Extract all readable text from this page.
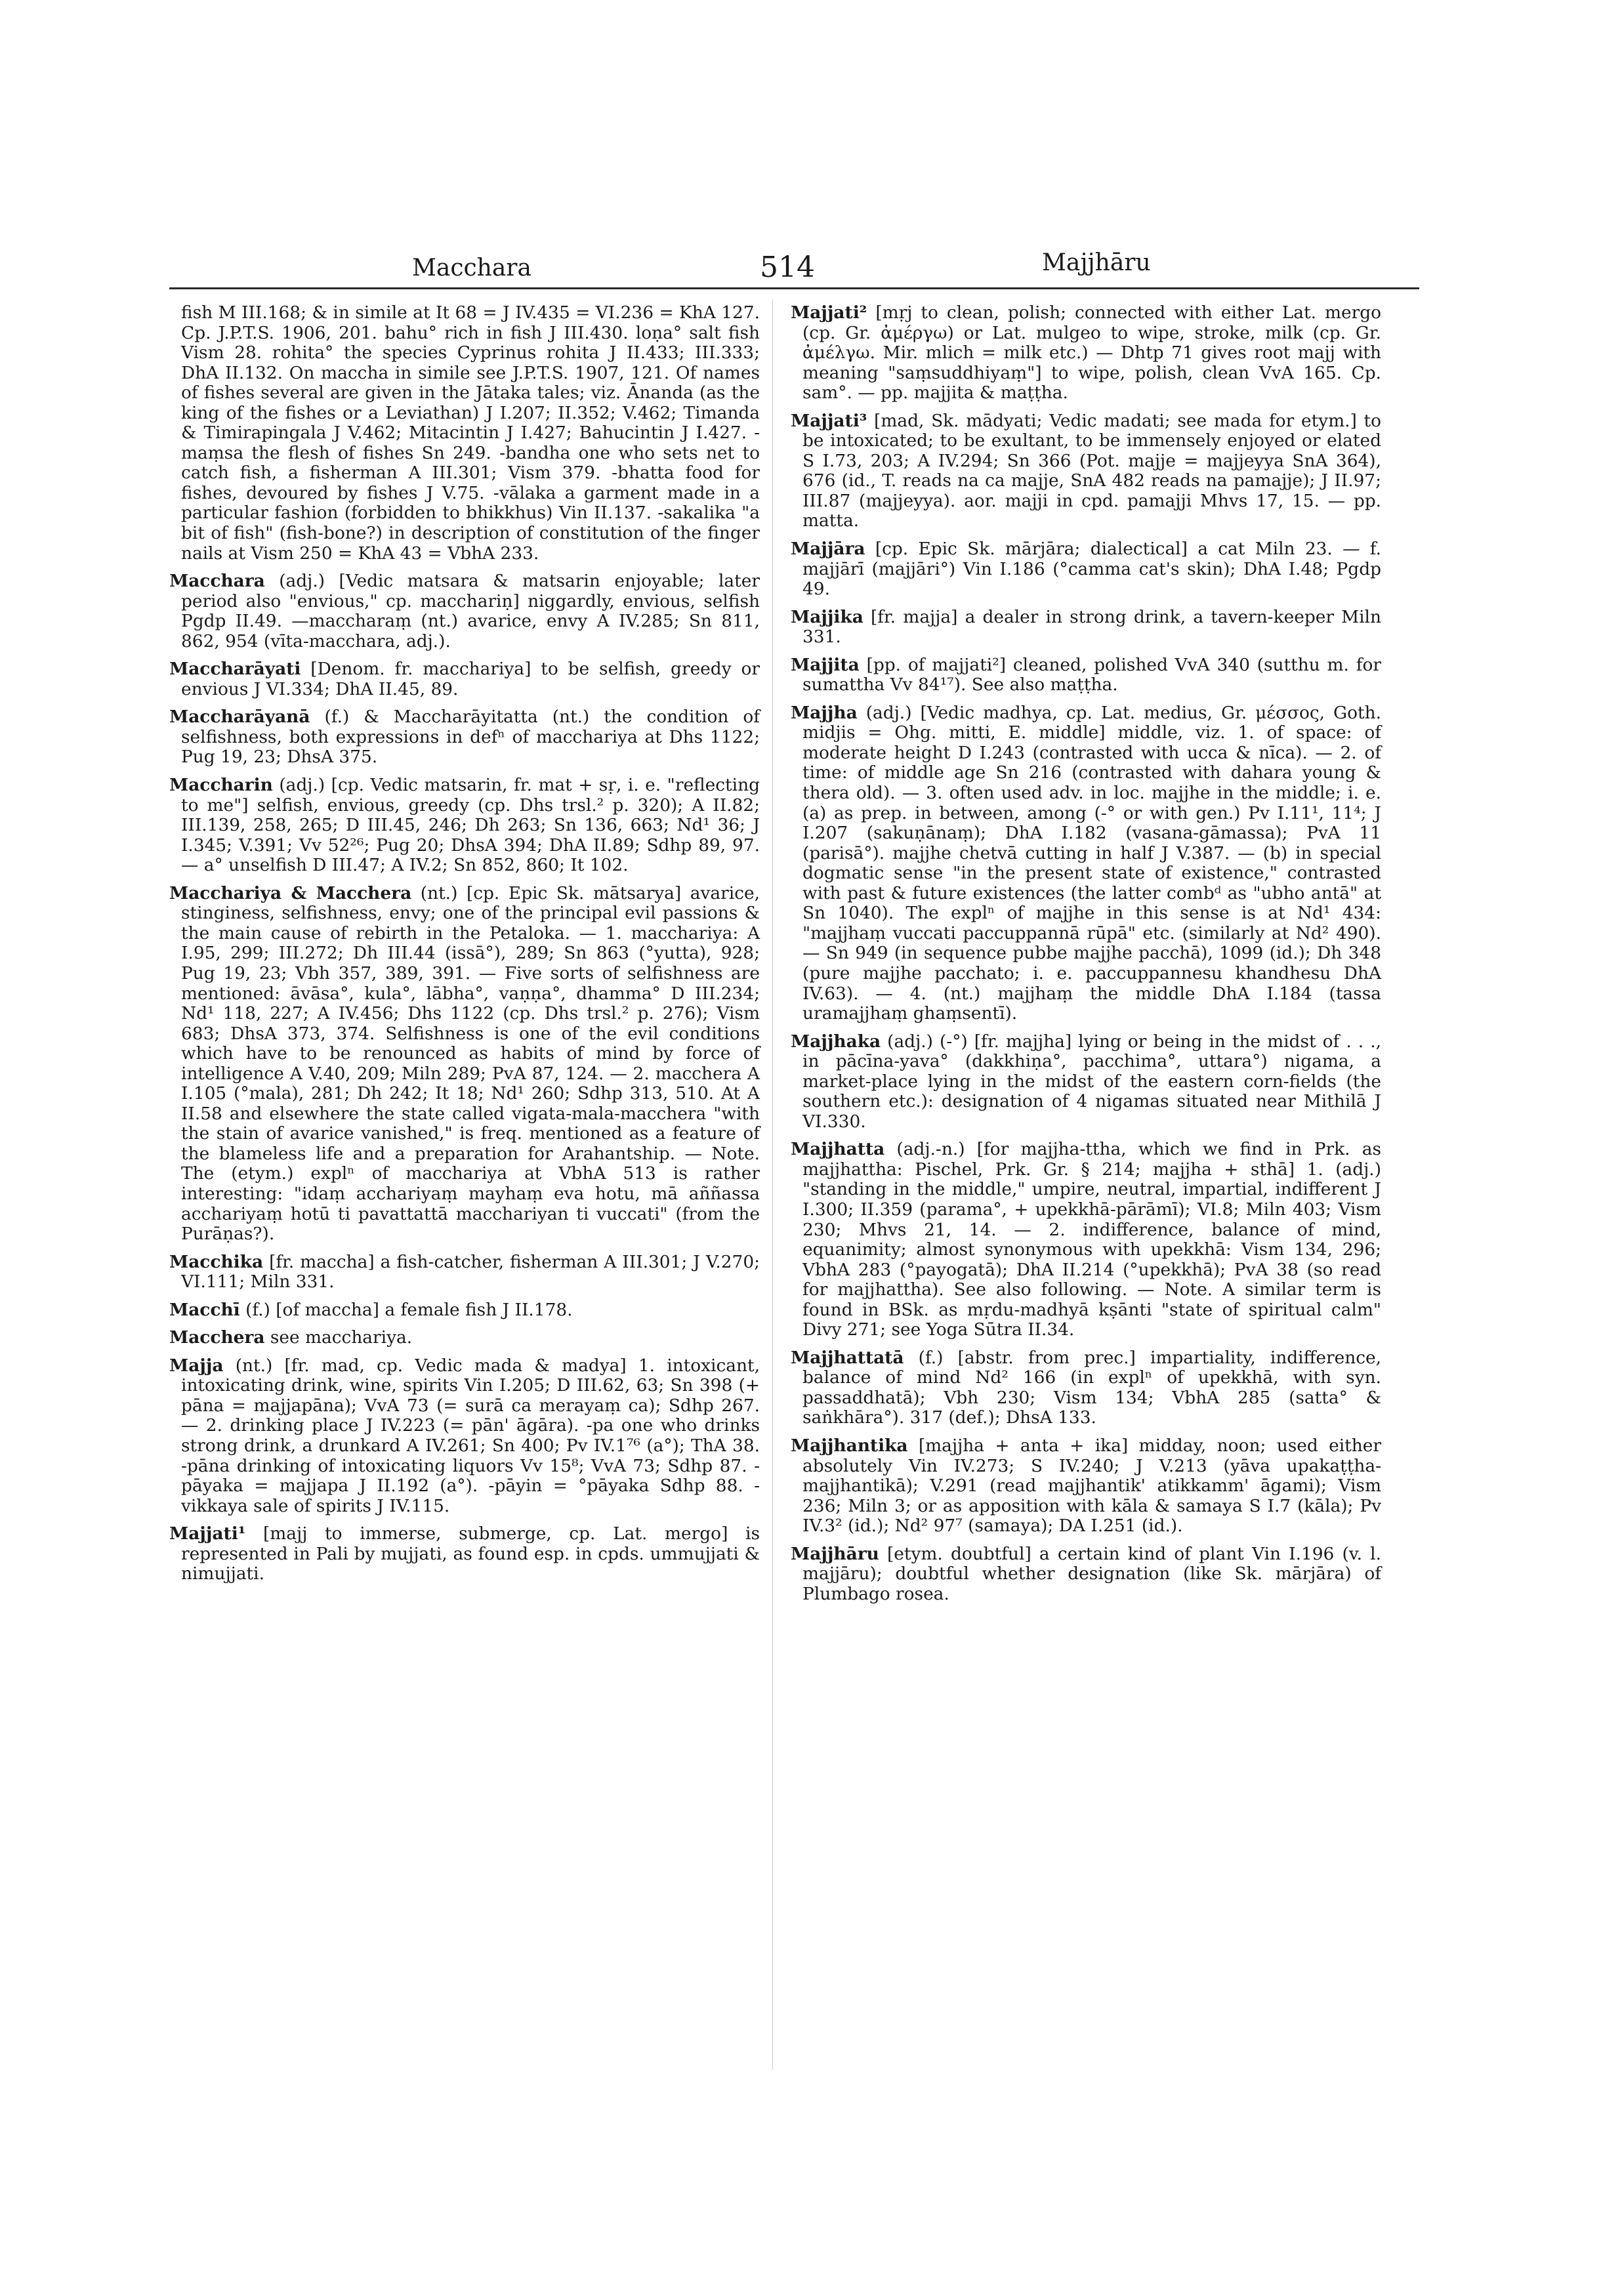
Macchara	514	Majjhāru

fish M III.168; & in simile at It 68 = J IV.435 = VI.236 = KhA 127. Cp. J.P.T.S. 1906, 201. bahu° rich in fish J III.430. loṇa° salt fish Vism 28. rohita° the species Cyprinus rohita J II.433; III.333; DhA II.132. On maccha in simile see J.P.T.S. 1907, 121. Of names of fishes several are given in the Jātaka tales; viz. Ānanda (as the king of the fishes or a Leviathan) J I.207; II.352; V.462; Timanda & Timirapingala J V.462; Mitacintin J I.427; Bahucintin J I.427. -maṃsa the flesh of fishes Sn 249. -bandha one who sets net to catch fish, a fisherman A III.301; Vism 379. -bhatta food for fishes, devoured by fishes J V.75. -vālaka a garment made in a particular fashion (forbidden to bhikkhus) Vin II.137. -sakalika "a bit of fish" (fish-bone?) in description of constitution of the finger nails at Vism 250 = KhA 43 = VbhA 233.

Macchara (adj.) [Vedic matsara & matsarin enjoyable; later period also "envious," cp. macchariṇ] niggardly, envious, selfish Pgdp II.49. —maccharaṃ (nt.) avarice, envy A IV.285; Sn 811, 862, 954 (vīta-macchara, adj.).

Maccharāyati [Denom. fr. macchariya] to be selfish, greedy or envious J VI.334; DhA II.45, 89.

Maccharāyanā (f.) & Maccharāyitatta (nt.) the condition of selfishness, both expressions in defⁿ of macchariya at Dhs 1122; Pug 19, 23; DhsA 375.

Maccharin (adj.) [cp. Vedic matsarin, fr. mat + sṛ, i. e. "reflecting to me"] selfish, envious, greedy (cp. Dhs trsl.² p. 320); A II.82; III.139, 258, 265; D III.45, 246; Dh 263; Sn 136, 663; Nd¹ 36; J I.345; V.391; Vv 52²⁶; Pug 20; DhsA 394; DhA II.89; Sdhp 89, 97. — a° unselfish D III.47; A IV.2; Sn 852, 860; It 102.

Macchariya & Macchera (nt.) [cp. Epic Sk. mātsarya] avarice, stinginess, selfishness, envy; one of the principal evil passions & the main cause of rebirth in the Petaloka. — 1. macchariya: A I.95, 299; III.272; Dh III.44 (issā°), 289; Sn 863 (°yutta), 928; Pug 19, 23; Vbh 357, 389, 391. — Five sorts of selfishness are mentioned: āvāsa°, kula°, lābha°, vaṇṇa°, dhamma° D III.234; Nd¹ 118, 227; A IV.456; Dhs 1122 (cp. Dhs trsl.² p. 276); Vism 683; DhsA 373, 374. Selfishness is one of the evil conditions which have to be renounced as habits of mind by force of intelligence A V.40, 209; Miln 289; PvA 87, 124. — 2. macchera A I.105 (°mala), 281; Dh 242; It 18; Nd¹ 260; Sdhp 313, 510. At A II.58 and elsewhere the state called vigata-mala-macchera "with the stain of avarice vanished," is freq. mentioned as a feature of the blameless life and a preparation for Arahantship. — Note. The (etym.) explⁿ of macchariya at VbhA 513 is rather interesting: "idaṃ acchariyaṃ mayhaṃ eva hotu, mā aññassa acchariyaṃ hotū ti pavattattā macchariyan ti vuccati" (from the Purāṇas?).

Macchika [fr. maccha] a fish-catcher, fisherman A III.301; J V.270; VI.111; Miln 331.

Macchī (f.) [of maccha] a female fish J II.178.

Macchera see macchariya.

Majja (nt.) [fr. mad, cp. Vedic mada & madya] 1. intoxicant, intoxicating drink, wine, spirits Vin I.205; D III.62, 63; Sn 398 (+ pāna = majjapāna); VvA 73 (= surā ca merayaṃ ca); Sdhp 267. — 2. drinking place J IV.223 (= pān' āgāra). -pa one who drinks strong drink, a drunkard A IV.261; Sn 400; Pv IV.1⁷⁶ (a°); ThA 38. -pāna drinking of intoxicating liquors Vv 15⁸; VvA 73; Sdhp 87. -pāyaka = majjapa J II.192 (a°). -pāyin = °pāyaka Sdhp 88. -vikkaya sale of spirits J IV.115.

Majjati¹ [majj to immerse, submerge, cp. Lat. mergo] is represented in Pali by mujjati, as found esp. in cpds. ummujjati & nimujjati.

Majjati² [mṛj to clean, polish; connected with either Lat. mergo (cp. Gr. ἀμέργω) or Lat. mulgeo to wipe, stroke, milk (cp. Gr. ἀμέλγω. Mir. mlich = milk etc.) — Dhtp 71 gives root majj with meaning "saṃsuddhiyaṃ"] to wipe, polish, clean VvA 165. Cp. sam°. — pp. majjita & maṭṭha.

Majjati³ [mad, Sk. mādyati; Vedic madati; see mada for etym.] to be intoxicated; to be exultant, to be immensely enjoyed or elated S I.73, 203; A IV.294; Sn 366 (Pot. majje = majjeyya SnA 364), 676 (id., T. reads na ca majje, SnA 482 reads na pamajje); J II.97; III.87 (majjeyya). aor. majji in cpd. pamajji Mhvs 17, 15. — pp. matta.

Majjāra [cp. Epic Sk. mārjāra; dialectical] a cat Miln 23. — f. majjārī (majjāri°) Vin I.186 (°camma cat's skin); DhA I.48; Pgdp 49.

Majjika [fr. majja] a dealer in strong drink, a tavern-keeper Miln 331.

Majjita [pp. of majjati²] cleaned, polished VvA 340 (sutthu m. for sumattha Vv 84¹⁷). See also maṭṭha.

Majjha (adj.) [Vedic madhya, cp. Lat. medius, Gr. μέσσος, Goth. midjis = Ohg. mitti, E. middle] middle, viz. 1. of space: of moderate height D I.243 (contrasted with ucca & nīca). — 2. of time: of middle age Sn 216 (contrasted with dahara young & thera old). — 3. often used adv. in loc. majjhe in the middle; i. e. (a) as prep. in between, among (-° or with gen.) Pv I.11¹, 11⁴; J I.207 (sakuṇānaṃ); DhA I.182 (vasana-gāmassa); PvA 11 (parisā°). majjhe chetvā cutting in half J V.387. — (b) in special dogmatic sense "in the present state of existence," contrasted with past & future existences (the latter combᵈ as "ubho antā" at Sn 1040). The explⁿ of majjhe in this sense is at Nd¹ 434: "majjhaṃ vuccati paccuppannā rūpā" etc. (similarly at Nd² 490). — Sn 949 (in sequence pubbe majjhe pacchā), 1099 (id.); Dh 348 (pure majjhe pacchato; i. e. paccuppannesu khandhesu DhA IV.63). — 4. (nt.) majjhaṃ the middle DhA I.184 (tassa uramajjhaṃ ghaṃsentī).

Majjhaka (adj.) (-°) [fr. majjha] lying or being in the midst of . . ., in pācīna-yava° (dakkhiṇa°, pacchima°, uttara°) nigama, a market-place lying in the midst of the eastern corn-fields (the southern etc.): designation of 4 nigamas situated near Mithilā J VI.330.

Majjhatta (adj.-n.) [for majjha-ttha, which we find in Prk. as majjhattha: Pischel, Prk. Gr. § 214; majjha + sthā] 1. (adj.) "standing in the middle," umpire, neutral, impartial, indifferent J I.300; II.359 (parama°, + upekkhā-pārāmī); VI.8; Miln 403; Vism 230; Mhvs 21, 14. — 2. indifference, balance of mind, equanimity; almost synonymous with upekkhā: Vism 134, 296; VbhA 283 (°payogatā); DhA II.214 (°upekkhā); PvA 38 (so read for majjhattha). See also following. — Note. A similar term is found in BSk. as mṛdu-madhyā kṣānti "state of spiritual calm" Divy 271; see Yoga Sūtra II.34.

Majjhattatā (f.) [abstr. from prec.] impartiality, indifference, balance of mind Nd² 166 (in explⁿ of upekkhā, with syn. passaddhatā); Vbh 230; Vism 134; VbhA 285 (satta° & saṅkhāra°). 317 (def.); DhsA 133.

Majjhantika [majjha + anta + ika] midday, noon; used either absolutely Vin IV.273; S IV.240; J V.213 (yāva upakaṭṭha-majjhantikā); V.291 (read majjhantik' atikkamm' āgami); Vism 236; Miln 3; or as apposition with kāla & samaya S I.7 (kāla); Pv IV.3² (id.); Nd² 97⁷ (samaya); DA I.251 (id.).

Majjhāru [etym. doubtful] a certain kind of plant Vin I.196 (v. l. majjāru); doubtful whether designation (like Sk. mārjāra) of Plumbago rosea.
